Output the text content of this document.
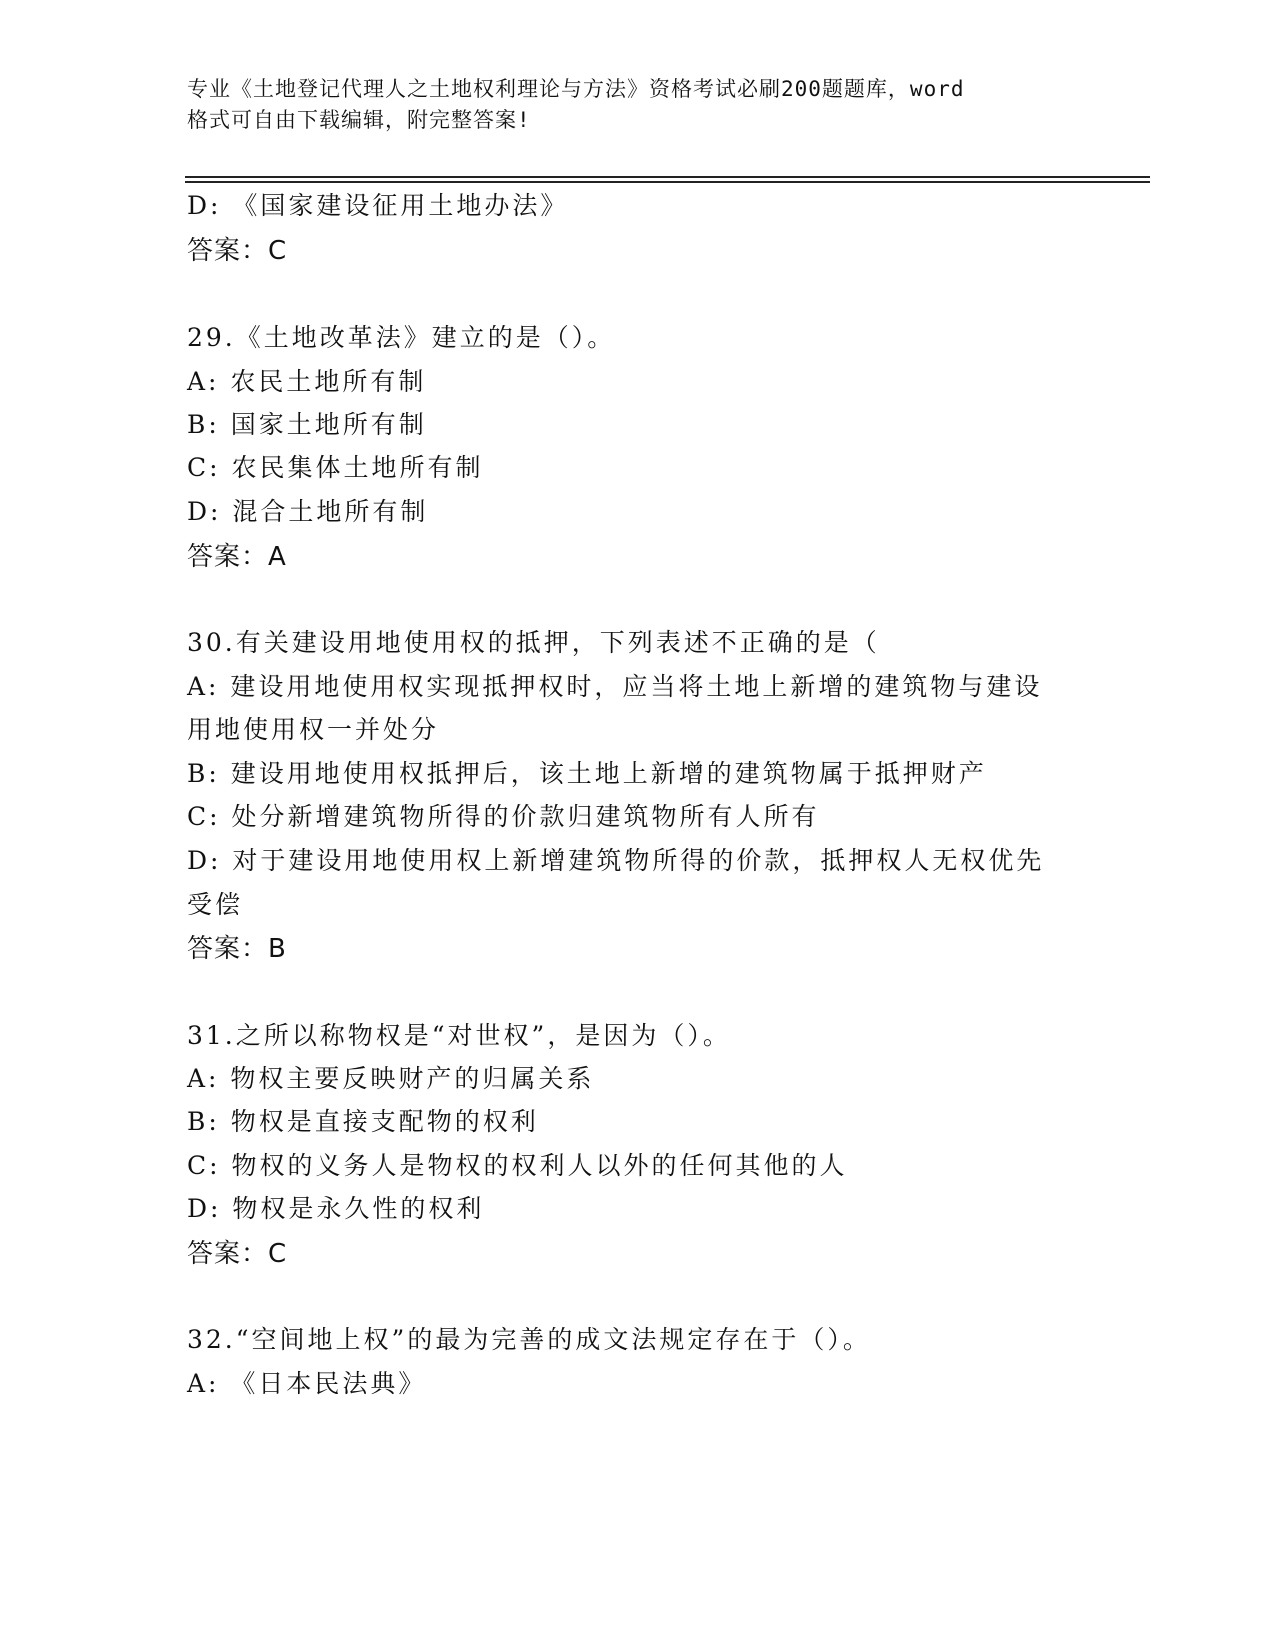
专业《土地登记代理人之土地权利理论与方法》资格考试必刷200题题库，word
格式可自由下载编辑，附完整答案!
D: 《国家建设征用土地办法》
答案：C
29.《土地改革法》建立的是（）。
A: 农民土地所有制
B: 国家土地所有制
C: 农民集体土地所有制
D: 混合土地所有制
答案：A
30.有关建设用地使用权的抵押，下列表述不正确的是（
A: 建设用地使用权实现抵押权时，应当将土地上新增的建筑物与建设
用地使用权一并处分
B: 建设用地使用权抵押后，该土地上新增的建筑物属于抵押财产
C: 处分新增建筑物所得的价款归建筑物所有人所有
D: 对于建设用地使用权上新增建筑物所得的价款，抵押权人无权优先
受偿
答案：B
31.之所以称物权是“对世权”，是因为（）。
A: 物权主要反映财产的归属关系
B: 物权是直接支配物的权利
C: 物权的义务人是物权的权利人以外的任何其他的人
D: 物权是永久性的权利
答案：C
32.“空间地上权”的最为完善的成文法规定存在于（）。
A: 《日本民法典》
